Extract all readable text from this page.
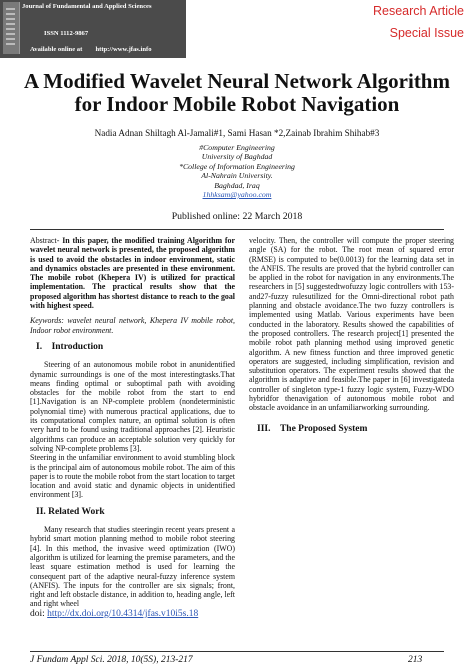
Journal of Fundamental and Applied Sciences
ISSN 1112-9867
Available online at        http://www.jfas.info
Research Article
Special Issue
A Modified Wavelet Neural Network Algorithm
for Indoor Mobile Robot Navigation
Nadia Adnan Shiltagh Al-Jamali#1, Sami Hasan *2,Zainab Ibrahim Shihab#3
#Computer Engineering
University of Baghdad
*College of Information Engineering
Al-Nahrain University.
Baghdad, Iraq
1hhksam@yahoo.com
Published online: 22 March 2018

Abstract- In this paper, the modified training Algorithm for wavelet neural network is presented, the proposed algorithm is used to avoid the obstacles in indoor environment, static and dynamics obstacles are presented in these environment. The mobile robot (Khepera IV) is utilized for practical implementation. The practical results show that the proposed algorithm has shortest distance to reach to the goal with highest speed.

Keywords: wavelet neural network, Khepera IV mobile robot, Indoor robot environment.

I.    Introduction

Steering of an autonomous mobile robot in anunidentified dynamic surroundings is one of the most interestingtasks.That means finding optimal or suboptimal path with avoiding obstacles for the mobile robot from the start to end [1].Navigation is an NP-complete problem (nondeterministic polynomial time) with numerous practical applications, due to its computational complex nature, an optimal solution is often very hard to be found using traditional approaches [2]. Heuristic algorithms can produce an acceptable solution very quickly for solving NP-complete problems [3].

Steering in the unfamiliar environment to avoid stumbling block is the principal aim of autonomous mobile robot. The aim of this paper is to route the mobile robot from the start location to target location and avoid static and dynamic objects in unidentified environment [3].

II. Related Work

Many research that studies steeringin recent years present a hybrid smart motion planning method to mobile robot steering [4]. In this method, the invasive weed optimization (IWO) algorithm is utilized for learning the premise parameters, and the least square estimation method is used for learning the consequent part of the adaptive neural-fuzzy inference system (ANFIS). The inputs for the controller are six signals; front, right and left obstacle distance, in addition to, heading angle, left and right wheel

doi: http://dx.doi.org/10.4314/jfas.v10i5s.18

velocity. Then, the controller will compute the proper steering angle (SA) for the robot. The root mean of squared error (RMSE) is computed to be(0.0013) for the learning data set in the ANFIS. The results are proved that the hybrid controller can be applied in the robot for navigation in any environments.The researchers in [5] suggestedtwofuzzy logic controllers with 153- and27-fuzzy rulesutilized for the Omni-directional robot path planning and obstacle avoidance.The two fuzzy controllers is implemented using Matlab. Various experiments have been conducted in the laboratory. Results showed the capabilities of the proposed controllers. The research project[1] presented the mobile robot path planning method using improved genetic algorithm. A new fitness function and three improved genetic operators are suggested, including simplification, revision and substitution operators. The experiment results showed that the algorithm is adaptive and feasible.The paper in [6] investigateda controller of singleton type-1 fuzzy logic system, Fuzzy-WDO hybridfor thenavigation of autonomous mobile robot and obstacle avoidance in an unfamiliarworking surrounding.

III.    The Proposed System
J Fundam Appl Sci. 2018, 10(5S), 213-217	213
